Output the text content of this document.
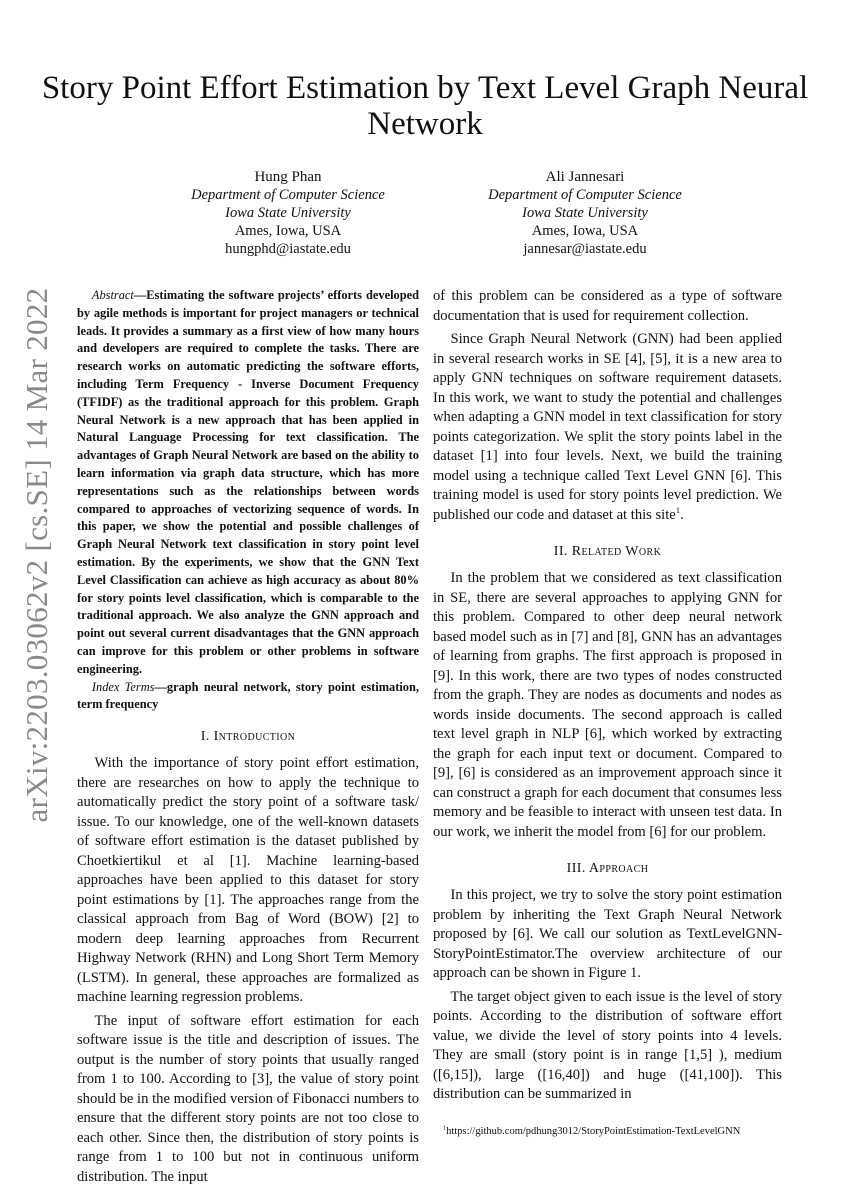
arXiv:2203.03062v2 [cs.SE] 14 Mar 2022
Story Point Effort Estimation by Text Level Graph Neural Network
Hung Phan
Department of Computer Science
Iowa State University
Ames, Iowa, USA
hungphd@iastate.edu
Ali Jannesari
Department of Computer Science
Iowa State University
Ames, Iowa, USA
jannesar@iastate.edu

Abstract—Estimating the software projects’ efforts developed by agile methods is important for project managers or technical leads. It provides a summary as a first view of how many hours and developers are required to complete the tasks. There are research works on automatic predicting the software efforts, including Term Frequency - Inverse Document Frequency (TFIDF) as the traditional approach for this problem. Graph Neural Network is a new approach that has been applied in Natural Language Processing for text classification. The advantages of Graph Neural Network are based on the ability to learn information via graph data structure, which has more representations such as the relationships between words compared to approaches of vectorizing sequence of words. In this paper, we show the potential and possible challenges of Graph Neural Network text classification in story point level estimation. By the experiments, we show that the GNN Text Level Classification can achieve as high accuracy as about 80% for story points level classification, which is comparable to the traditional approach. We also analyze the GNN approach and point out several current disadvantages that the GNN approach can improve for this problem or other problems in software engineering.

Index Terms—graph neural network, story point estimation, term frequency

I. Introduction

With the importance of story point effort estimation, there are researches on how to apply the technique to automatically predict the story point of a software task/ issue. To our knowledge, one of the well-known datasets of software effort estimation is the dataset published by Choetkiertikul et al [1]. Machine learning-based approaches have been applied to this dataset for story point estimations by [1]. The approaches range from the classical approach from Bag of Word (BOW) [2] to modern deep learning approaches from Recurrent Highway Network (RHN) and Long Short Term Memory (LSTM). In general, these approaches are formalized as machine learning regression problems.

The input of software effort estimation for each software issue is the title and description of issues. The output is the number of story points that usually ranged from 1 to 100. According to [3], the value of story point should be in the modified version of Fibonacci numbers to ensure that the different story points are not too close to each other. Since then, the distribution of story points is range from 1 to 100 but not in continuous uniform distribution. The input

of this problem can be considered as a type of software documentation that is used for requirement collection.

Since Graph Neural Network (GNN) had been applied in several research works in SE [4], [5], it is a new area to apply GNN techniques on software requirement datasets. In this work, we want to study the potential and challenges when adapting a GNN model in text classification for story points categorization. We split the story points label in the dataset [1] into four levels. Next, we build the training model using a technique called Text Level GNN [6]. This training model is used for story points level prediction. We published our code and dataset at this site$^1$.

II. Related Work

In the problem that we considered as text classification in SE, there are several approaches to applying GNN for this problem. Compared to other deep neural network based model such as in [7] and [8], GNN has an advantages of learning from graphs. The first approach is proposed in [9]. In this work, there are two types of nodes constructed from the graph. They are nodes as documents and nodes as words inside documents. The second approach is called text level graph in NLP [6], which worked by extracting the graph for each input text or document. Compared to [9], [6] is considered as an improvement approach since it can construct a graph for each document that consumes less memory and be feasible to interact with unseen test data. In our work, we inherit the model from [6] for our problem.

III. Approach

In this project, we try to solve the story point estimation problem by inheriting the Text Graph Neural Network proposed by [6]. We call our solution as TextLevelGNN-StoryPointEstimator.The overview architecture of our approach can be shown in Figure 1.

The target object given to each issue is the level of story points. According to the distribution of software effort value, we divide the level of story points into 4 levels. They are small (story point is in range [1,5] ), medium ([6,15]), large ([16,40]) and huge ([41,100]). This distribution can be summarized in

$^1$https://github.com/pdhung3012/StoryPointEstimation-TextLevelGNN
